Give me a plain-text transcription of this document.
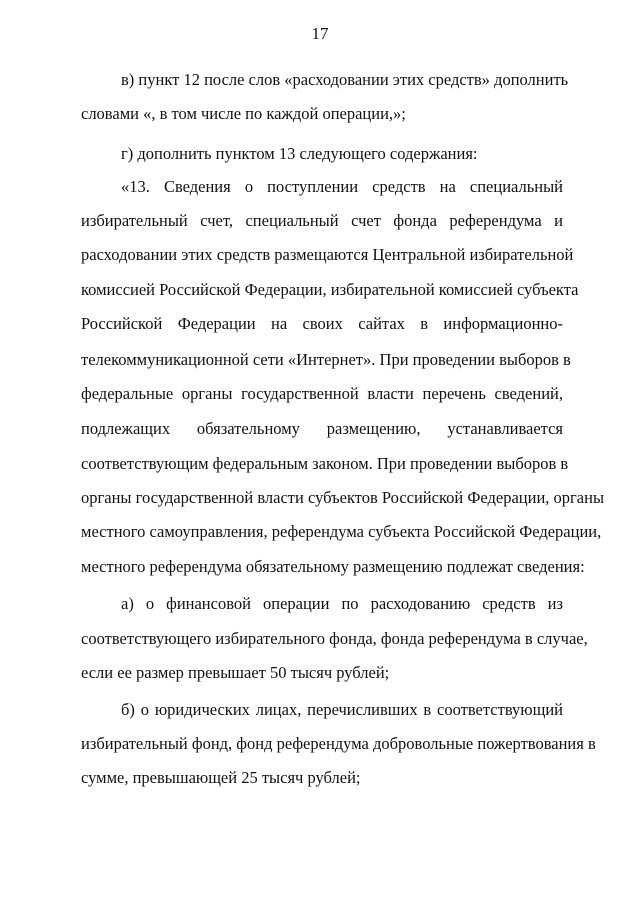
17
в) пункт 12 после слов «расходовании этих средств» дополнить
словами «, в том числе по каждой операции,»;
г) дополнить пунктом 13 следующего содержания:
«13. Сведения о поступлении средств на специальный
избирательный счет, специальный счет фонда референдума и
расходовании этих средств размещаются Центральной избирательной
комиссией Российской Федерации, избирательной комиссией субъекта
Российской Федерации на своих сайтах в информационно-
телекоммуникационной сети «Интернет». При проведении выборов в
федеральные органы государственной власти перечень сведений,
подлежащих обязательному размещению, устанавливается
соответствующим федеральным законом. При проведении выборов в
органы государственной власти субъектов Российской Федерации, органы
местного самоуправления, референдума субъекта Российской Федерации,
местного референдума обязательному размещению подлежат сведения:
а) о финансовой операции по расходованию средств из
соответствующего избирательного фонда, фонда референдума в случае,
если ее размер превышает 50 тысяч рублей;
б) о юридических лицах, перечисливших в соответствующий
избирательный фонд, фонд референдума добровольные пожертвования в
сумме, превышающей 25 тысяч рублей;
